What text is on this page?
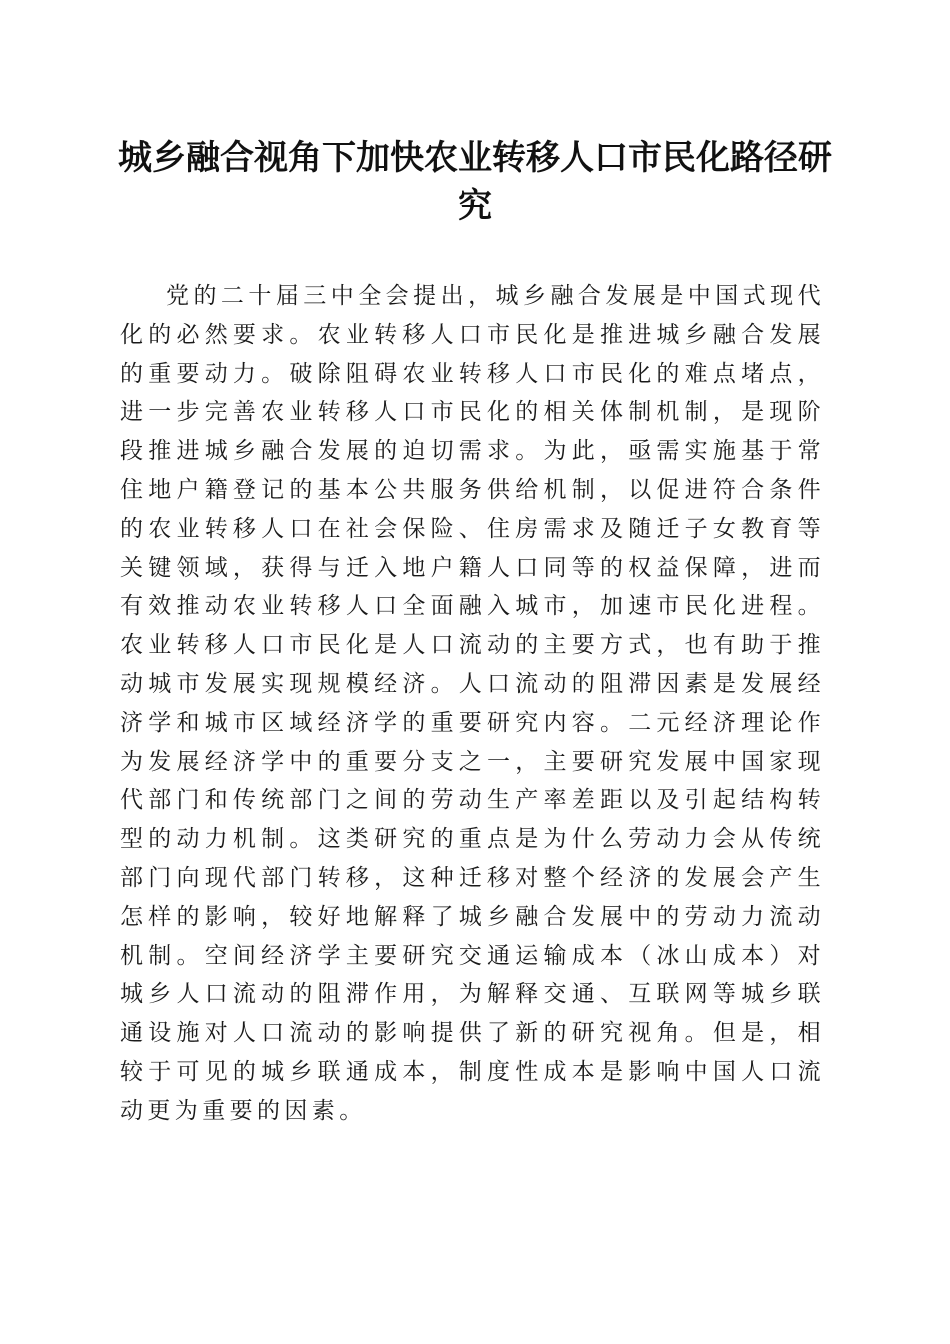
城乡融合视角下加快农业转移人口市民化路径研究

党的二十届三中全会提出，城乡融合发展是中国式现代化的必然要求。农业转移人口市民化是推进城乡融合发展的重要动力。破除阻碍农业转移人口市民化的难点堵点，进一步完善农业转移人口市民化的相关体制机制，是现阶段推进城乡融合发展的迫切需求。为此，亟需实施基于常住地户籍登记的基本公共服务供给机制，以促进符合条件的农业转移人口在社会保险、住房需求及随迁子女教育等关键领域，获得与迁入地户籍人口同等的权益保障，进而有效推动农业转移人口全面融入城市，加速市民化进程。农业转移人口市民化是人口流动的主要方式，也有助于推动城市发展实现规模经济。人口流动的阻滞因素是发展经济学和城市区域经济学的重要研究内容。二元经济理论作为发展经济学中的重要分支之一，主要研究发展中国家现代部门和传统部门之间的劳动生产率差距以及引起结构转型的动力机制。这类研究的重点是为什么劳动力会从传统部门向现代部门转移，这种迁移对整个经济的发展会产生怎样的影响，较好地解释了城乡融合发展中的劳动力流动机制。空间经济学主要研究交通运输成本（冰山成本）对城乡人口流动的阻滞作用，为解释交通、互联网等城乡联通设施对人口流动的影响提供了新的研究视角。但是，相较于可见的城乡联通成本，制度性成本是影响中国人口流动更为重要的因素。
